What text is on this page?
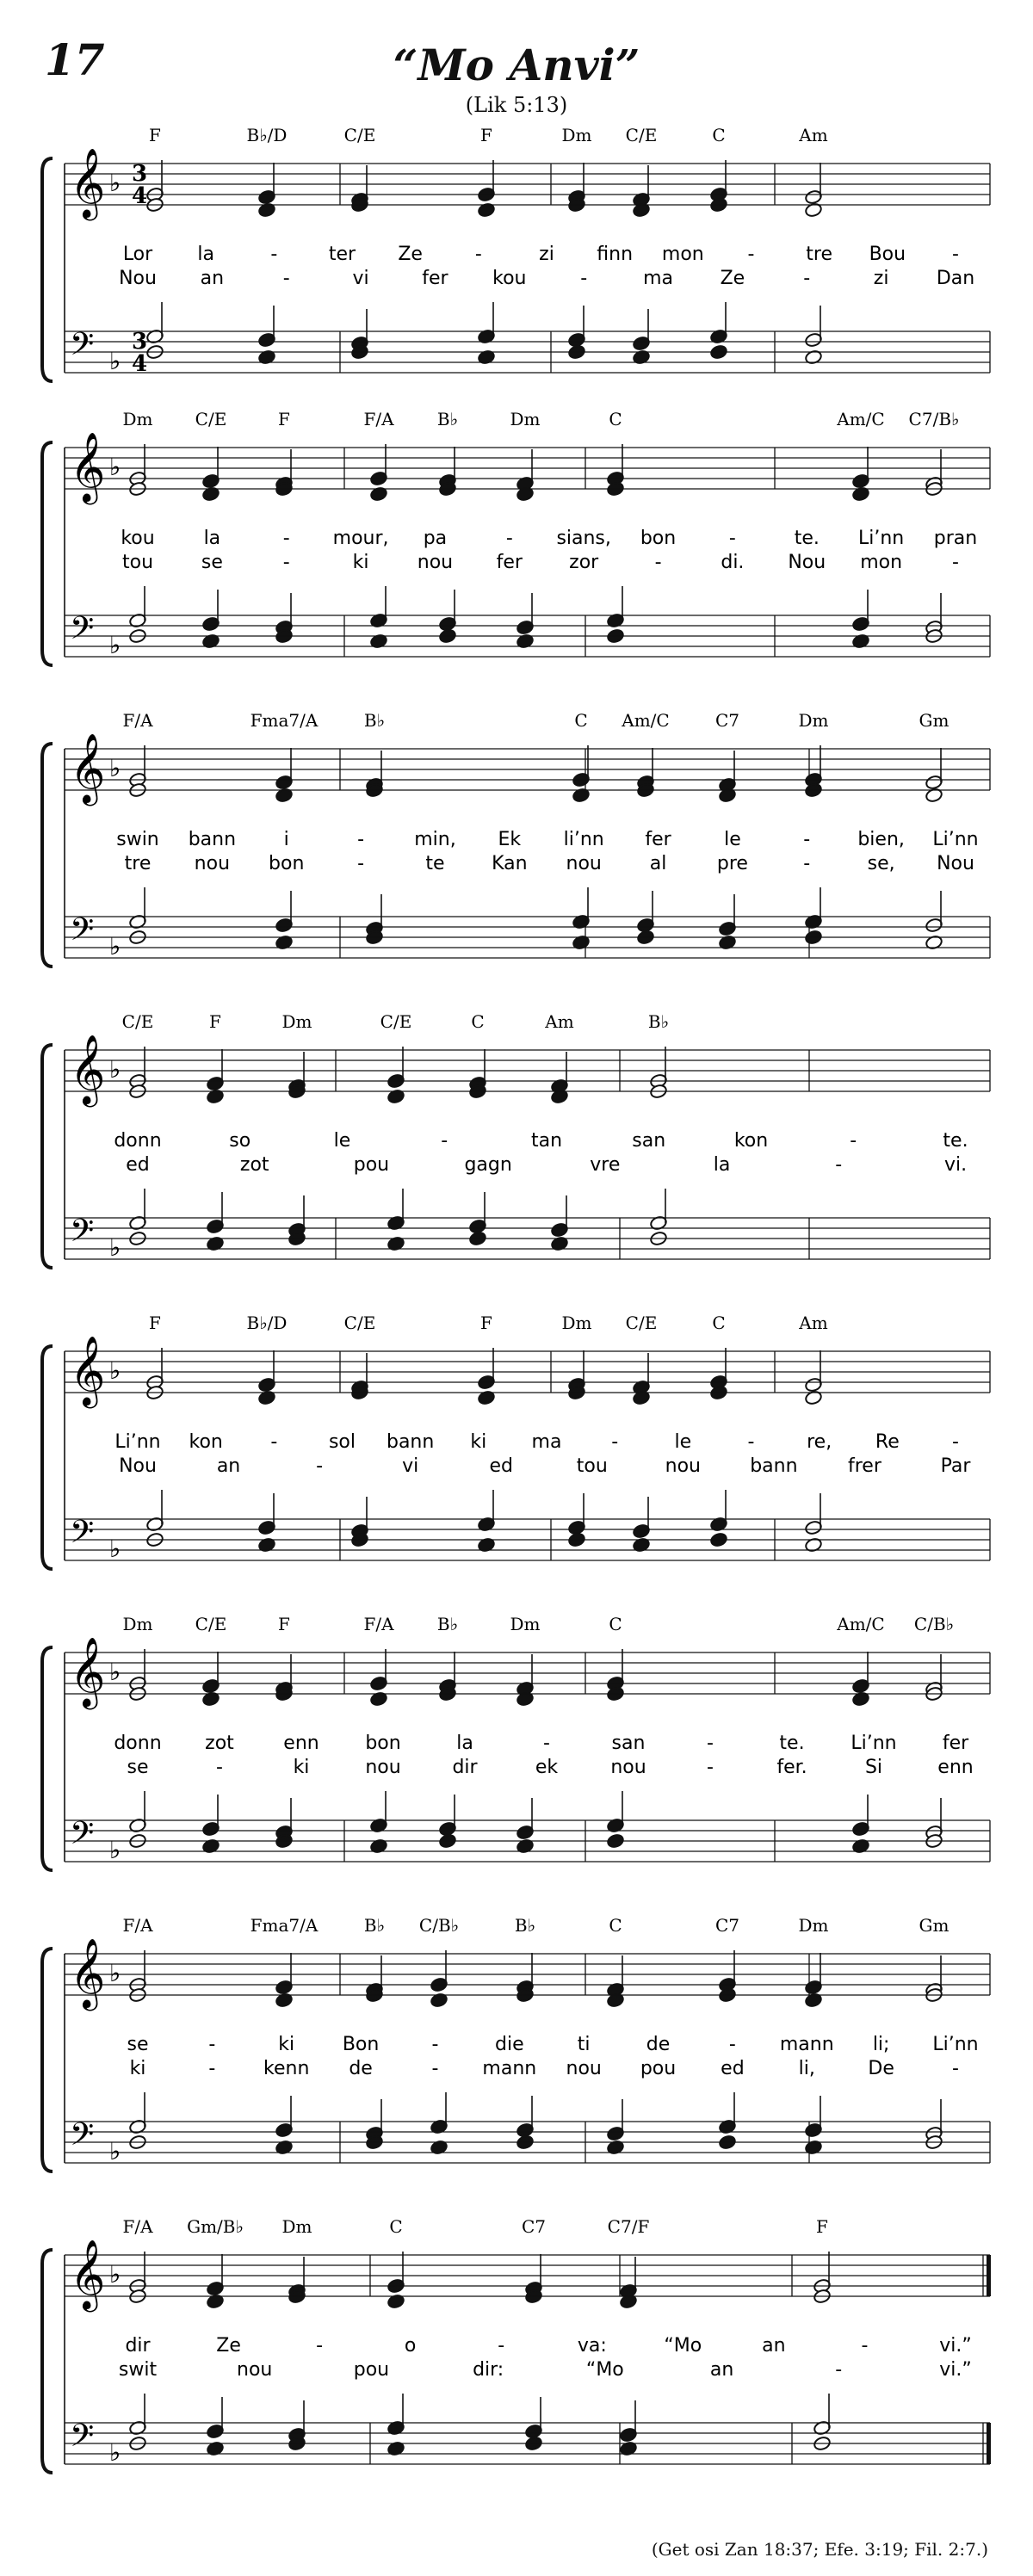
17	“Mo Anvi”
(Lik 5:13)
F	B♭/D	C/E	F	Dm C/E	C	Am
Lor la	-	ter Ze	-	zi finn mon -	tre Bou -
Nou an	-	vi	fer kou	-	ma Ze	-	zi	Dan
𝄞 ♭
𝄢 ♭
3
4
3
4
Dm C/E	F	F/A	B♭	Dm	C	Am/C C7/B♭
kou	la	- mour, pa	- sians, bon	-	te. Li’nn pran
tou	se	-	ki	nou fer zor	-	di. Nou mon	-
𝄞 ♭
𝄢 ♭
F/A	Fma7/A	B♭	C Am/C	C7	Dm	Gm
swin bann	i	-	min, Ek li’nn fer	le	-	bien, Li’nn
tre nou bon	-	te Kan nou	al	pre	-	se, Nou
𝄞 ♭
𝄢 ♭
C/E	F	Dm	C/E	C	Am	B♭
donn	so	le	-	tan	san	kon	-	te.
ed	zot	pou	gagn	vre	la	-	vi.
𝄞 ♭
𝄢 ♭
F	B♭/D	C/E	F	Dm C/E	C	Am
Li’nn kon	-	sol bann ki ma	-	le	-	re, Re	-
Nou	an	-	vi	ed	tou	nou	bann	frer	Par
𝄞 ♭
𝄢 ♭
Dm C/E	F	F/A	B♭	Dm	C	Am/C C/B♭
donn zot	enn bon	la	-	san	-	te. Li’nn fer
se	-	ki	nou	dir	ek	nou	-	fer.	Si	enn
𝄞 ♭
𝄢 ♭
F/A	Fma7/A	B♭ C/B♭	B♭	C	C7	Dm	Gm
se	-	ki	Bon	-	die	ti	de	- mann li; Li’nn
ki	-	kenn de	- mann nou pou ed	li,	De	-
𝄞 ♭
𝄢 ♭
F/A Gm/B♭ Dm	C	C7	C7/F	F
dir	Ze	-	o	-	va:	“Mo	an	-	vi.”
swit	nou	pou	dir:	“Mo	an	-	vi.”
𝄞 ♭
𝄢 ♭
(Get osi Zan 18:37; Efe. 3:19; Fil. 2:7.)
